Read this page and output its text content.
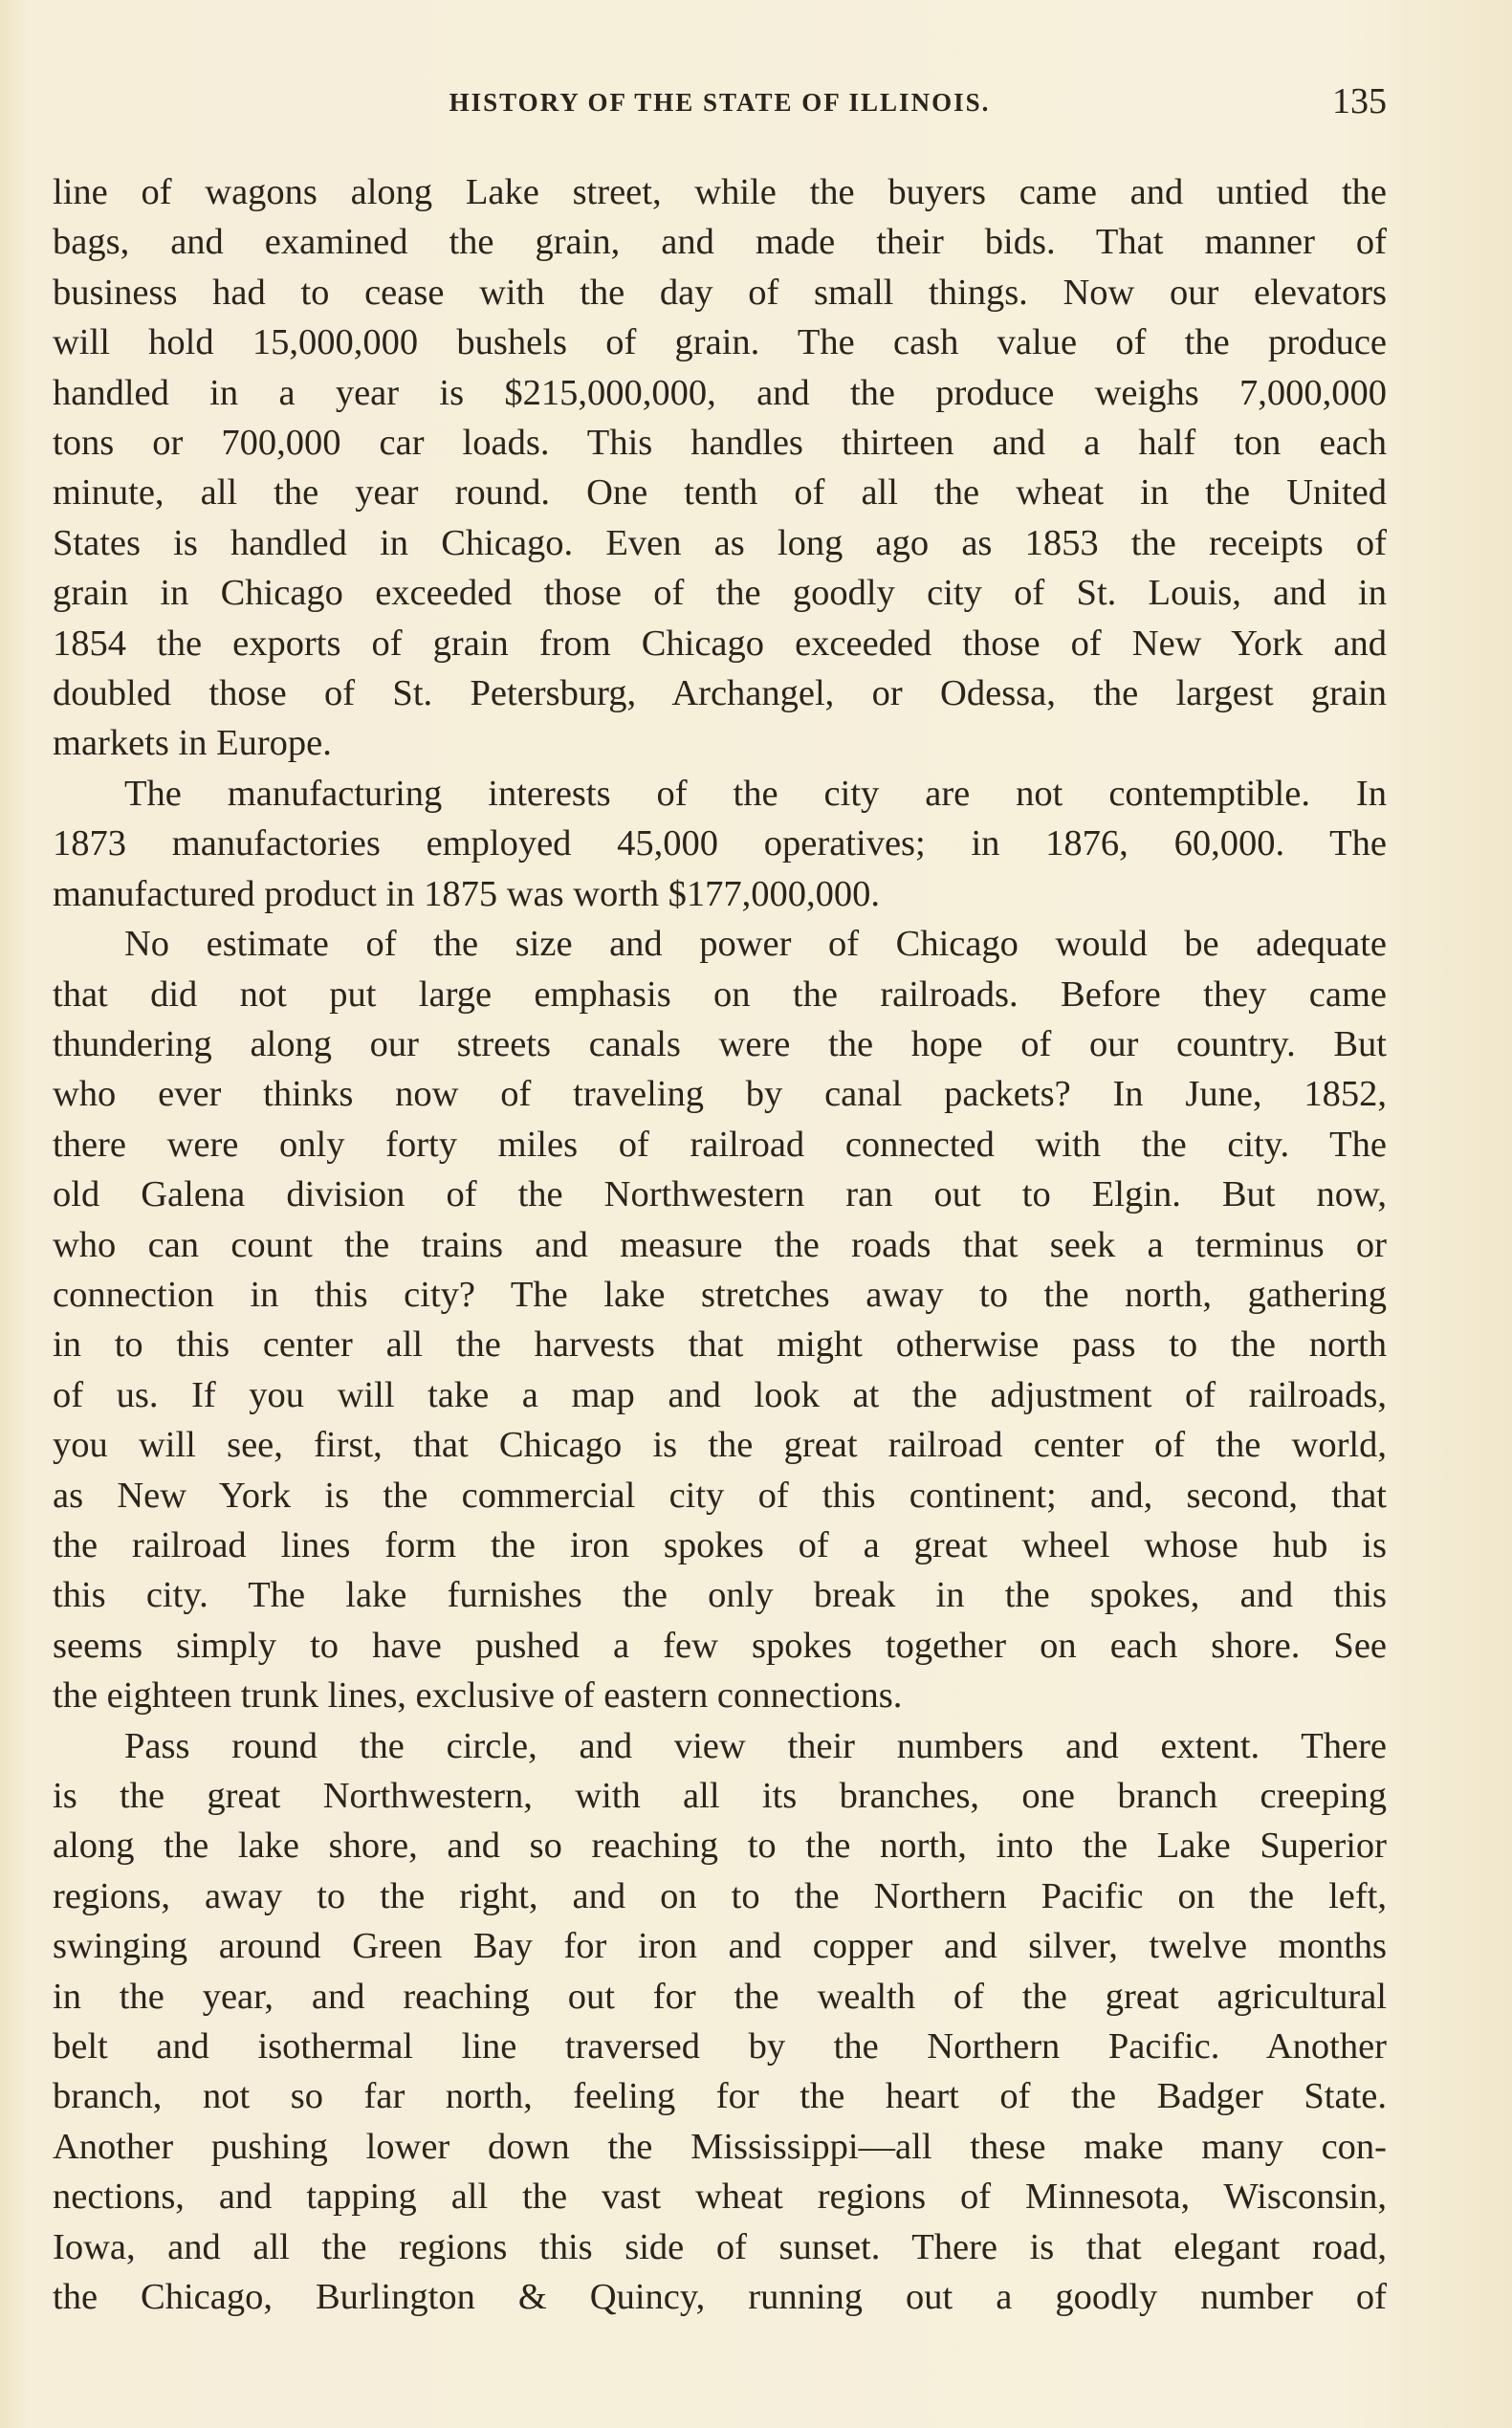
HISTORY OF THE STATE OF ILLINOIS.	135

line of wagons along Lake street, while the buyers came and untied the
bags, and examined the grain, and made their bids. That manner of
business had to cease with the day of small things. Now our elevators
will hold 15,000,000 bushels of grain. The cash value of the produce
handled in a year is $215,000,000, and the produce weighs 7,000,000
tons or 700,000 car loads. This handles thirteen and a half ton each
minute, all the year round. One tenth of all the wheat in the United
States is handled in Chicago. Even as long ago as 1853 the receipts of
grain in Chicago exceeded those of the goodly city of St. Louis, and in
1854 the exports of grain from Chicago exceeded those of New York and
doubled those of St. Petersburg, Archangel, or Odessa, the largest grain
markets in Europe.

The manufacturing interests of the city are not contemptible. In
1873 manufactories employed 45,000 operatives; in 1876, 60,000. The
manufactured product in 1875 was worth $177,000,000.

No estimate of the size and power of Chicago would be adequate
that did not put large emphasis on the railroads. Before they came
thundering along our streets canals were the hope of our country. But
who ever thinks now of traveling by canal packets? In June, 1852,
there were only forty miles of railroad connected with the city. The
old Galena division of the Northwestern ran out to Elgin. But now,
who can count the trains and measure the roads that seek a terminus or
connection in this city? The lake stretches away to the north, gathering
in to this center all the harvests that might otherwise pass to the north
of us. If you will take a map and look at the adjustment of railroads,
you will see, first, that Chicago is the great railroad center of the world,
as New York is the commercial city of this continent; and, second, that
the railroad lines form the iron spokes of a great wheel whose hub is
this city. The lake furnishes the only break in the spokes, and this
seems simply to have pushed a few spokes together on each shore. See
the eighteen trunk lines, exclusive of eastern connections.

Pass round the circle, and view their numbers and extent. There
is the great Northwestern, with all its branches, one branch creeping
along the lake shore, and so reaching to the north, into the Lake Superior
regions, away to the right, and on to the Northern Pacific on the left,
swinging around Green Bay for iron and copper and silver, twelve months
in the year, and reaching out for the wealth of the great agricultural
belt and isothermal line traversed by the Northern Pacific. Another
branch, not so far north, feeling for the heart of the Badger State.
Another pushing lower down the Mississippi—all these make many con-
nections, and tapping all the vast wheat regions of Minnesota, Wisconsin,
Iowa, and all the regions this side of sunset. There is that elegant road,
the Chicago, Burlington & Quincy, running out a goodly number of
